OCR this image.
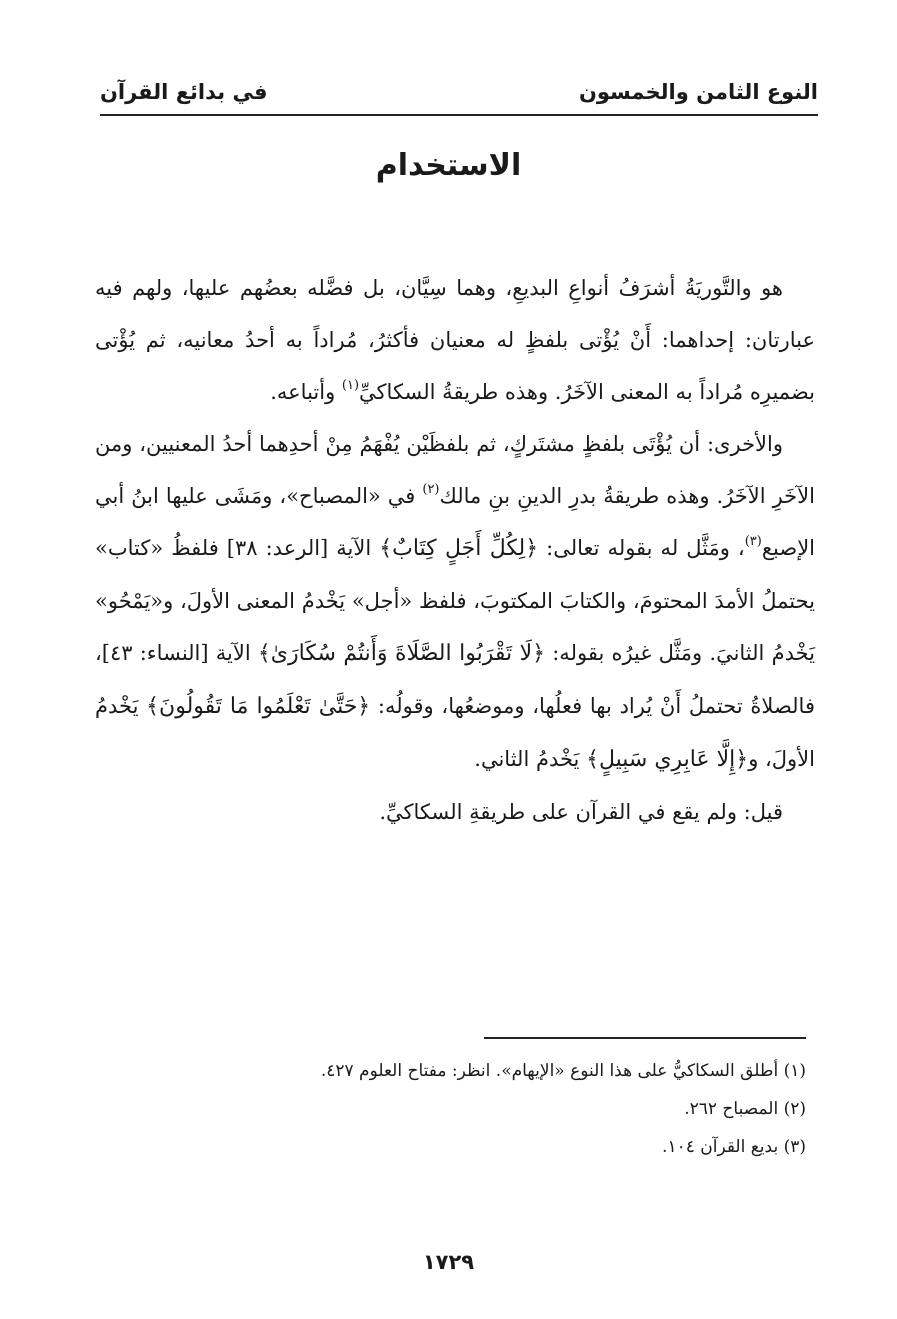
النوع الثامن والخمسون
في بدائع القرآن
الاستخدام

هو والتَّوريَةُ أشرَفُ أنواعِ البديعِ، وهما سِيَّان، بل فضَّله بعضُهم عليها، ولهم فيه عبارتان: إحداهما: أَنْ يُؤْتى بلفظٍ له معنيان فأكثرُ، مُراداً به أحدُ معانيه، ثم يُؤْتى بضميرِه مُراداً به المعنى الآخَرُ. وهذه طريقةُ السكاكيِّ$^{(١)}$ وأتباعه.

والأخرى: أن يُؤْتَى بلفظٍ مشتَركٍ، ثم بلفظَيْن يُفْهَمُ مِنْ أحدِهما أحدُ المعنيين، ومن الآخَرِ الآخَرُ. وهذه طريقةُ بدرِ الدينِ بنِ مالك$^{(٢)}$ في «المصباح»، ومَشَى عليها ابنُ أبي الإصبع$^{(٣)}$، ومَثَّل له بقوله تعالى: ﴿لِكُلِّ أَجَلٍ كِتَابٌ﴾ الآية [الرعد: ٣٨] فلفظُ «كتاب» يحتملُ الأمدَ المحتومَ، والكتابَ المكتوبَ، فلفظ «أجل» يَخْدمُ المعنى الأولَ، و«يَمْحُو» يَخْدمُ الثانيَ. ومَثَّل غيرُه بقوله: ﴿لَا تَقْرَبُوا الصَّلَاةَ وَأَنتُمْ سُكَارَىٰ﴾ الآية [النساء: ٤٣]، فالصلاةُ تحتملُ أَنْ يُراد بها فعلُها، وموضعُها، وقولُه: ﴿حَتَّىٰ تَعْلَمُوا مَا تَقُولُونَ﴾ يَخْدمُ الأولَ، و﴿إِلَّا عَابِرِي سَبِيلٍ﴾ يَخْدمُ الثاني.

قيل: ولم يقع في القرآن على طريقةِ السكاكيِّ.

(١) أطلق السكاكيُّ على هذا النوع «الإيهام». انظر: مفتاح العلوم ٤٢٧.

(٢) المصباح ٢٦٢.

(٣) بديع القرآن ١٠٤.

١٧٢٩
